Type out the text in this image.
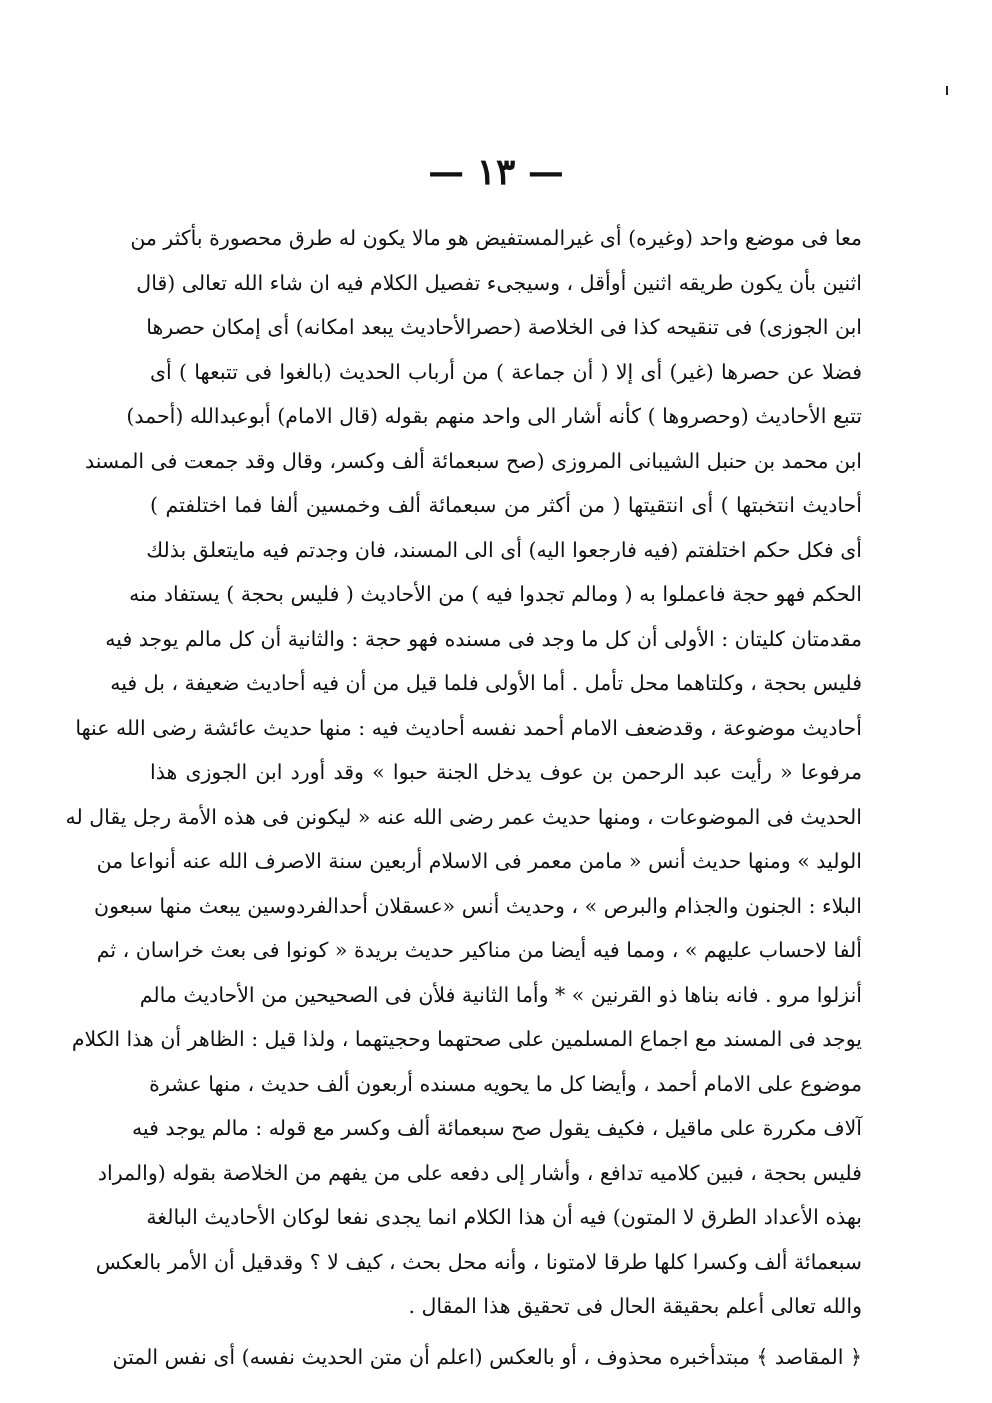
— ١٣ —
معا فى موضع واحد (وغيره) أى غيرالمستفيض هو مالا يكون له طرق محصورة بأكثر من
اثنين بأن يكون طريقه اثنين أوأقل ، وسيجىء تفصيل الكلام فيه ان شاء الله تعالى (قال
ابن الجوزى) فى تنقيحه كذا فى الخلاصة (حصرالأحاديث يبعد امكانه) أى إمكان حصرها
فضلا عن حصرها (غير) أى إلا ( أن جماعة ) من أرباب الحديث (بالغوا فى تتبعها ) أى
تتبع الأحاديث (وحصروها ) كأنه أشار الى واحد منهم بقوله (قال الامام) أبوعبدالله (أحمد)
ابن محمد بن حنبل الشيبانى المروزى (صح سبعمائة ألف وكسر، وقال وقد جمعت فى المسند
أحاديث انتخبتها ) أى انتقيتها ( من أكثر من سبعمائة ألف وخمسين ألفا فما اختلفتم )
أى فكل حكم اختلفتم (فيه فارجعوا اليه) أى الى المسند، فان وجدتم فيه مايتعلق بذلك
الحكم فهو حجة فاعملوا به ( ومالم تجدوا فيه ) من الأحاديث ( فليس بحجة ) يستفاد منه
مقدمتان كليتان : الأولى أن كل ما وجد فى مسنده فهو حجة : والثانية أن كل مالم يوجد فيه
فليس بحجة ، وكلتاهما محل تأمل . أما الأولى فلما قيل من أن فيه أحاديث ضعيفة ، بل فيه
أحاديث موضوعة ، وقدضعف الامام أحمد نفسه أحاديث فيه : منها حديث عائشة رضى الله عنها
مرفوعا « رأيت عبد الرحمن بن عوف يدخل الجنة حبوا » وقد أورد ابن الجوزى هذا
الحديث فى الموضوعات ، ومنها حديث عمر رضى الله عنه « ليكونن فى هذه الأمة رجل يقال له
الوليد » ومنها حديث أنس « مامن معمر فى الاسلام أربعين سنة الاصرف الله عنه أنواعا من
البلاء : الجنون والجذام والبرص » ، وحديث أنس «عسقلان أحدالفردوسين يبعث منها سبعون
ألفا لاحساب عليهم » ، ومما فيه أيضا من مناكير حديث بريدة « كونوا فى بعث خراسان ، ثم
أنزلوا مرو . فانه بناها ذو القرنين » * وأما الثانية فلأن فى الصحيحين من الأحاديث مالم
يوجد فى المسند مع اجماع المسلمين على صحتهما وحجيتهما ، ولذا قيل : الظاهر أن هذا الكلام
موضوع على الامام أحمد ، وأيضا كل ما يحويه مسنده أربعون ألف حديث ، منها عشرة
آلاف مكررة على ماقيل ، فكيف يقول صح سبعمائة ألف وكسر مع قوله : مالم يوجد فيه
فليس بحجة ، فبين كلاميه تدافع ، وأشار إلى دفعه على من يفهم من الخلاصة بقوله (والمراد
بهذه الأعداد الطرق لا المتون) فيه أن هذا الكلام انما يجدى نفعا لوكان الأحاديث البالغة
سبعمائة ألف وكسرا كلها طرقا لامتونا ، وأنه محل بحث ، كيف لا ؟ وقدقيل أن الأمر بالعكس
والله تعالى أعلم بحقيقة الحال فى تحقيق هذا المقال .
﴿ المقاصد ﴾ مبتدأخبره محذوف ، أو بالعكس (اعلم أن متن الحديث نفسه) أى نفس المتن
